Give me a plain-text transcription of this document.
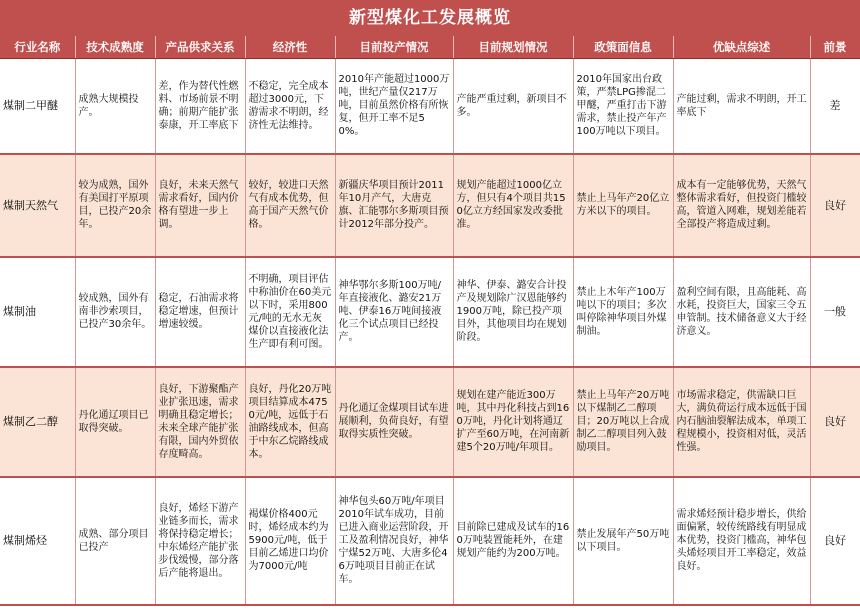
新型煤化工发展概览
行业名称	技术成熟度	产品供求关系	经济性	目前投产情况	目前规划情况	政策面信息	优缺点综述	前景
煤制二甲醚	成熟大规模投产。	差，作为替代性燃料、市场前景不明确；前期产能扩张泰康，开工率底下	不稳定，完全成本超过3000元，下游需求不明朗，经济性无法维持。	2010年产能超过1000万吨，世纪产量仅217万吨，目前虽然价格有所恢复，但开工率不足50%。	产能严重过剩，新项目不多。	2010年国家出台政策，严禁LPG掺混二甲醚，严重打击下游需求，禁止投产年产100万吨以下项目。	产能过剩，需求不明朗，开工率底下	差
煤制天然气	较为成熟，国外有美国打平原项目，已投产20余年。	良好，未来天然气需求看好，国内价格有望进一步上调。	较好，较进口天然气有成本优势，但高于国产天然气价格。	新疆庆华项目预计2011年10月产气，大唐克旗、汇能鄂尔多斯项目预计2012年部分投产。	规划产能超过1000亿立方，但只有4个项目共150亿立方经国家发改委批准。	禁止上马年产20亿立方米以下的项目。	成本有一定能够优势，天然气整体需求看好，但投资门槛较高，管道入网难，规划差能若全部投产将造成过剩。	良好
煤制油	较成熟，国外有南非沙索项目，已投产30余年。	稳定，石油需求将稳定增速，但预计增速较缓。	不明确，项目评估中称油价在60美元以下时，采用800元/吨的无水无灰煤价以直接液化法生产即有利可图。	神华鄂尔多斯100万吨/年直接液化、潞安21万吨、伊泰16万吨间接液化三个试点项目已经投产。	神华、伊泰、潞安合计投产及规划除广汉恩能够约1900万吨，除已投产项目外，其他项目均在规划阶段。	禁止上木年产100万吨以下的项目；多次叫停除神华项目外煤制油。	盈利空间有限，且高能耗、高水耗，投资巨大，国家三令五申管制。技术储备意义大于经济意义。	一般
煤制乙二醇	丹化通辽项目已取得突破。	良好，下游聚酯产业扩张迅速，需求明确且稳定增长；未来全球产能扩张有限，国内外贸依存度畸高。	良好，丹化20万吨项目结算成本4750元/吨，远低于石油路线成本，但高于中东乙烷路线成本。	丹化通辽金煤项目试车进展顺利，负荷良好，有望取得实质性突破。	规划在建产能近300万吨，其中丹化科技占到160万吨，丹化计划将通辽扩产至60万吨，在河南新建5个20万吨/年项目。	禁止上马年产20万吨以下煤制乙二醇项目；20万吨以上合成制乙二醇项目列入鼓励项目。	市场需求稳定，供需缺口巨大，满负荷运行成本远低于国内石脑油裂解法成本，单项工程规模小，投资相对低，灵活性强。	良好
煤制烯烃	成熟、部分项目已投产	良好，烯烃下游产业链多而长，需求将保持稳定增长；中东烯烃产能扩张步伐缓慢，部分落后产能将退出。	褐煤价格400元时，烯烃成本约为5900元/吨，低于目前乙烯进口均价为7000元/吨	神华包头60万吨/年项目2010年试车成功，目前已进入商业运营阶段，开工及盈利情况良好，神华宁煤52万吨、大唐多伦46万吨项目目前正在试车。	目前除已建成及试车的160万吨装置能耗外，在建规划产能约为200万吨。	禁止发展年产50万吨以下项目。	需求烯烃预计稳步增长，供给面偏紧，较传统路线有明显成本优势，投资门槛高，神华包头烯烃项目开工率稳定，效益良好。	良好
